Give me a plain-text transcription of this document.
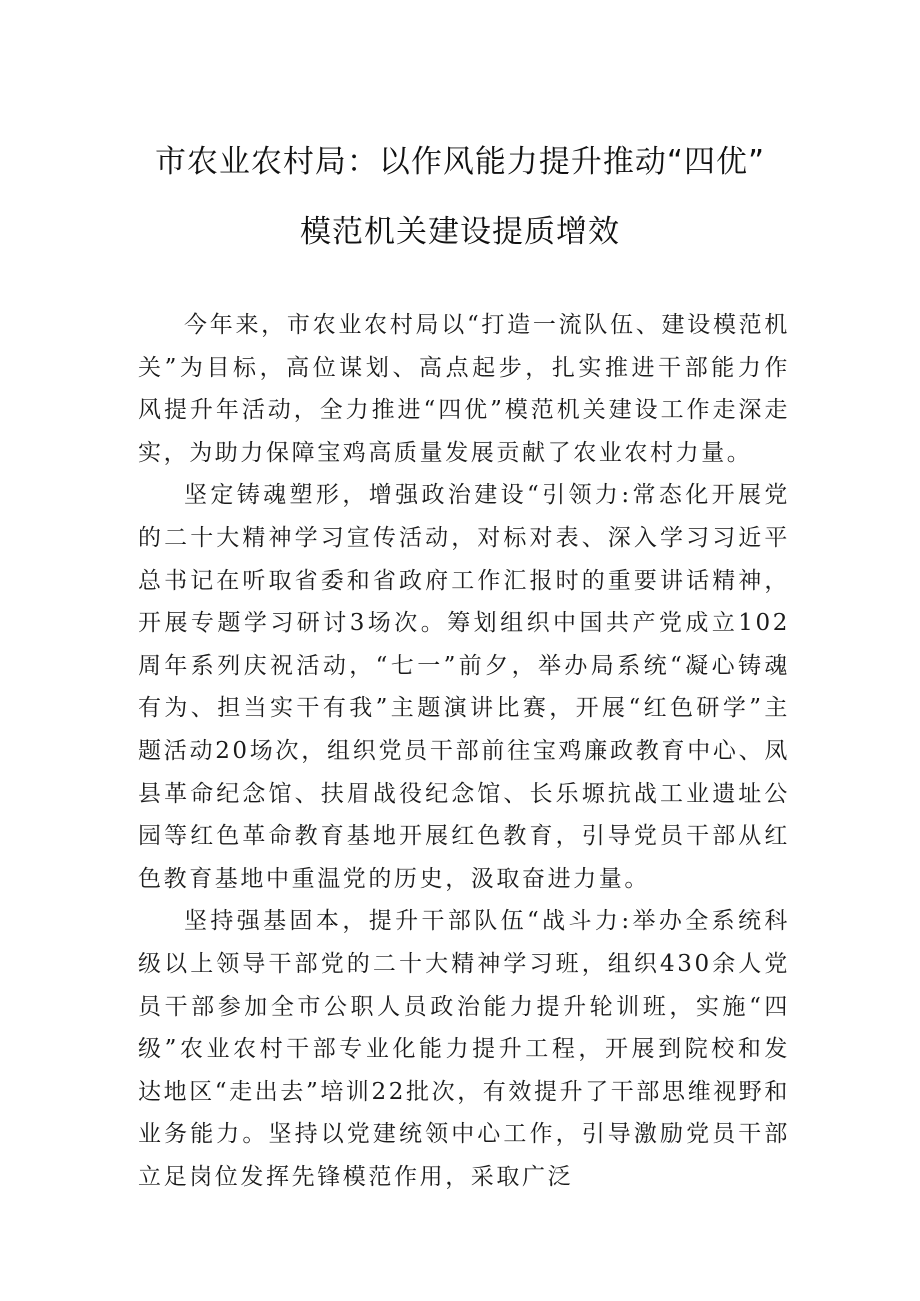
市农业农村局：以作风能力提升推动“四优”
模范机关建设提质增效

今年来，市农业农村局以“打造一流队伍、建设模范机关”为目标，高位谋划、高点起步，扎实推进干部能力作风提升年活动，全力推进“四优”模范机关建设工作走深走实，为助力保障宝鸡高质量发展贡献了农业农村力量。

坚定铸魂塑形，增强政治建设“引领力:常态化开展党的二十大精神学习宣传活动，对标对表、深入学习习近平总书记在听取省委和省政府工作汇报时的重要讲话精神，开展专题学习研讨3场次。筹划组织中国共产党成立102周年系列庆祝活动，“七一”前夕，举办局系统“凝心铸魂有为、担当实干有我”主题演讲比赛，开展“红色研学”主题活动20场次，组织党员干部前往宝鸡廉政教育中心、凤县革命纪念馆、扶眉战役纪念馆、长乐塬抗战工业遗址公园等红色革命教育基地开展红色教育，引导党员干部从红色教育基地中重温党的历史，汲取奋进力量。

坚持强基固本，提升干部队伍“战斗力:举办全系统科级以上领导干部党的二十大精神学习班，组织430余人党员干部参加全市公职人员政治能力提升轮训班，实施“四级”农业农村干部专业化能力提升工程，开展到院校和发达地区“走出去”培训22批次，有效提升了干部思维视野和业务能力。坚持以党建统领中心工作，引导激励党员干部立足岗位发挥先锋模范作用，采取广泛
